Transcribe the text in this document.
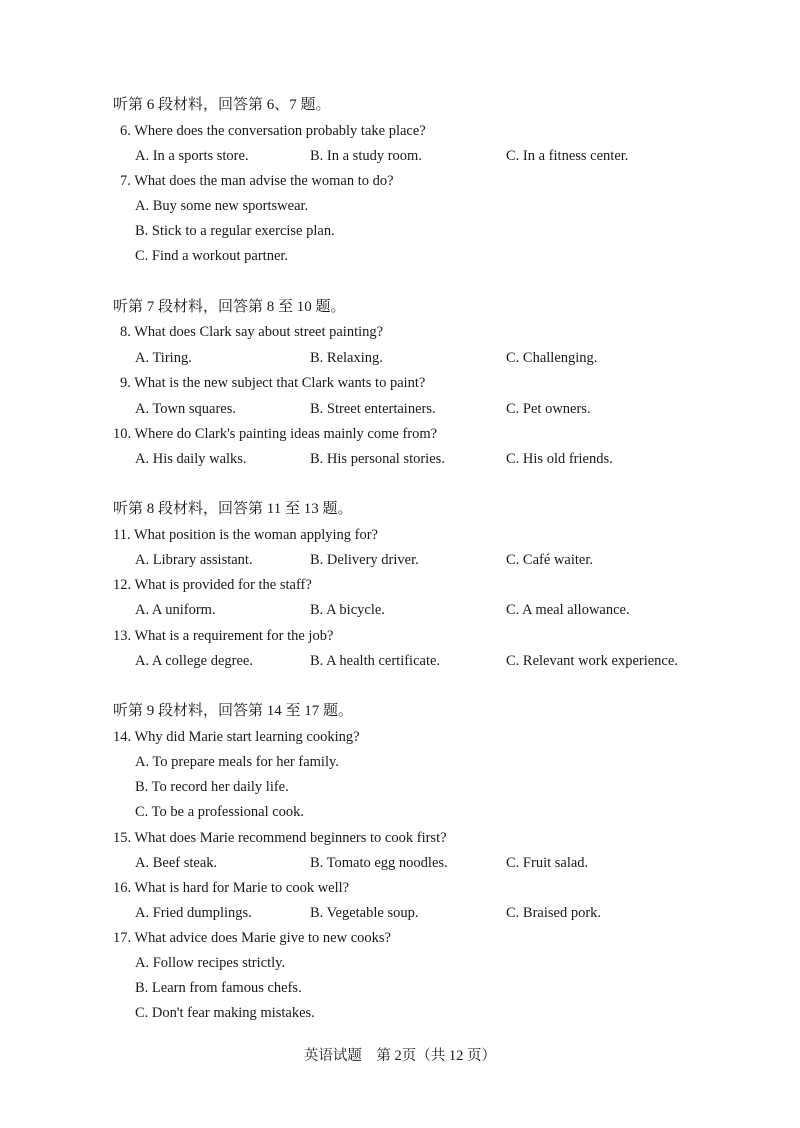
听第 6 段材料，回答第 6、7 题。
6. Where does the conversation probably take place?
A. In a sports store.	B. In a study room.	C. In a fitness center.
7. What does the man advise the woman to do?
A. Buy some new sportswear.
B. Stick to a regular exercise plan.
C. Find a workout partner.
听第 7 段材料，回答第 8 至 10 题。
8. What does Clark say about street painting?
A. Tiring.	B. Relaxing.	C. Challenging.
9. What is the new subject that Clark wants to paint?
A. Town squares.	B. Street entertainers.	C. Pet owners.
10. Where do Clark's painting ideas mainly come from?
A. His daily walks.	B. His personal stories.	C. His old friends.
听第 8 段材料，回答第 11 至 13 题。
11. What position is the woman applying for?
A. Library assistant.	B. Delivery driver.	C. Café waiter.
12. What is provided for the staff?
A. A uniform.	B. A bicycle.	C. A meal allowance.
13. What is a requirement for the job?
A. A college degree.	B. A health certificate.	C. Relevant work experience.
听第 9 段材料，回答第 14 至 17 题。
14. Why did Marie start learning cooking?
A. To prepare meals for her family.
B. To record her daily life.
C. To be a professional cook.
15. What does Marie recommend beginners to cook first?
A. Beef steak.	B. Tomato egg noodles.	C. Fruit salad.
16. What is hard for Marie to cook well?
A. Fried dumplings.	B. Vegetable soup.	C. Braised pork.
17. What advice does Marie give to new cooks?
A. Follow recipes strictly.
B. Learn from famous chefs.
C. Don't fear making mistakes.
英语试题　第 2页（共 12 页）
